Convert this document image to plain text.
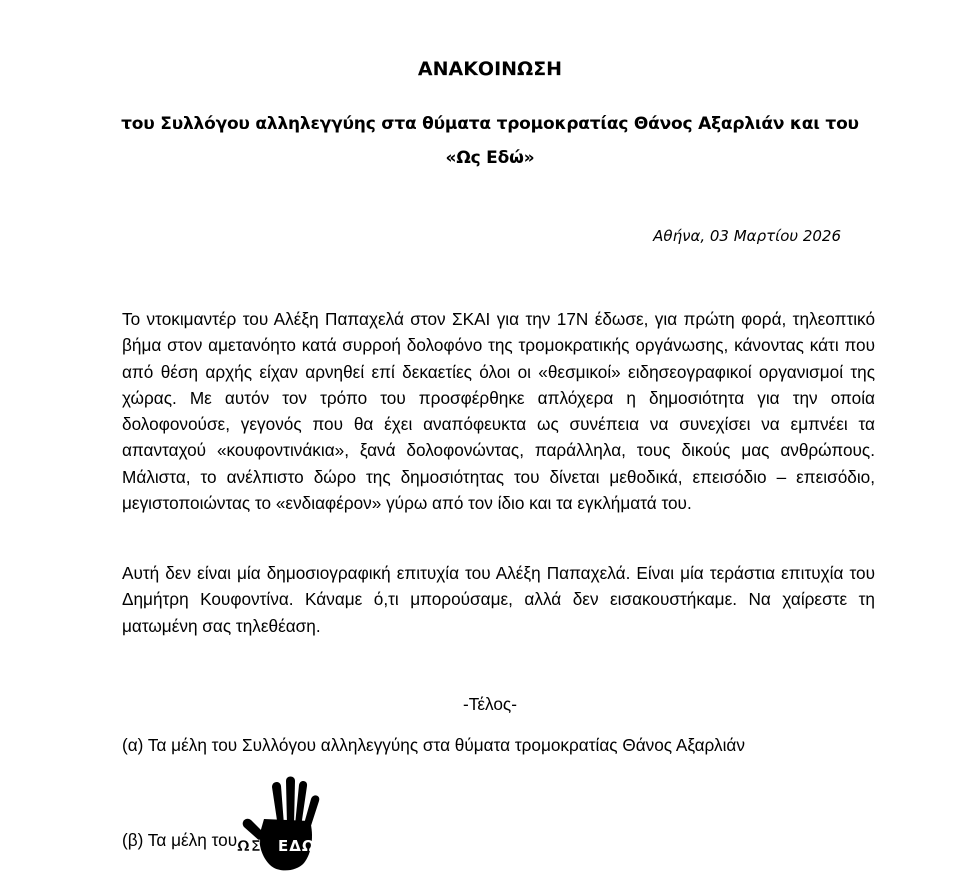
ΑΝΑΚΟΙΝΩΣΗ
του Συλλόγου αλληλεγγύης στα θύματα τρομοκρατίας Θάνος Αξαρλιάν και του
«Ως Εδώ»
Αθήνα, 03 Μαρτίου 2026

Το ντοκιμαντέρ του Αλέξη Παπαχελά στον ΣΚΑΙ για την 17Ν έδωσε, για πρώτη φορά, τηλεοπτικό βήμα στον αμετανόητο κατά συρροή δολοφόνο της τρομοκρατικής οργάνωσης, κάνοντας κάτι που από θέση αρχής είχαν αρνηθεί επί δεκαετίες όλοι οι «θεσμικοί» ειδησεογραφικοί οργανισμοί της χώρας. Με αυτόν τον τρόπο του προσφέρθηκε απλόχερα η δημοσιότητα για την οποία δολοφονούσε, γεγονός που θα έχει αναπόφευκτα ως συνέπεια να συνεχίσει να εμπνέει τα απανταχού «κουφοντινάκια», ξανά δολοφονώντας, παράλληλα, τους δικούς μας ανθρώπους. Μάλιστα, το ανέλπιστο δώρο της δημοσιότητας του δίνεται μεθοδικά, επεισόδιο – επεισόδιο, μεγιστοποιώντας το «ενδιαφέρον» γύρω από τον ίδιο και τα εγκλήματά του.

Αυτή δεν είναι μία δημοσιογραφική επιτυχία του Αλέξη Παπαχελά. Είναι μία τεράστια επιτυχία του Δημήτρη Κουφοντίνα. Κάναμε ό,τι μπορούσαμε, αλλά δεν εισακουστήκαμε. Να χαίρεστε τη ματωμένη σας τηλεθέαση.

-Τέλος-
(α) Τα μέλη του Συλλόγου αλληλεγγύης στα θύματα τρομοκρατίας Θάνος Αξαρλιάν
(β) Τα μέλη του ΩΣ ΕΔΩ
